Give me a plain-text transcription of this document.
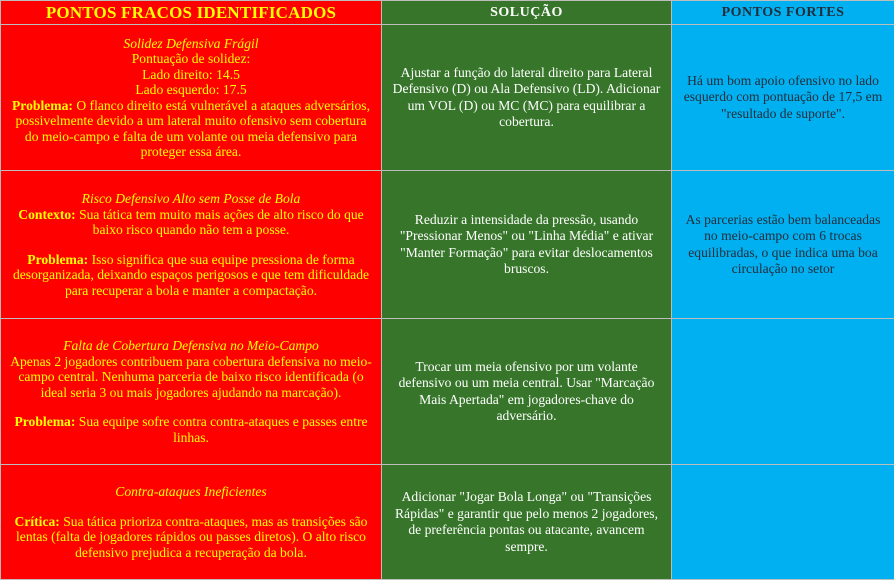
PONTOS FRACOS IDENTIFICADOS	SOLUÇÃO	PONTOS FORTES

Solidez Defensiva Frágil
Pontuação de solidez:
Lado direito: 14.5
Lado esquerdo: 17.5
Problema: O flanco direito está vulnerável a ataques adversários, possivelmente devido a um lateral muito ofensivo sem cobertura do meio-campo e falta de um volante ou meia defensivo para proteger essa área.	Ajustar a função do lateral direito para Lateral Defensivo (D) ou Ala Defensivo (LD). Adicionar um VOL (D) ou MC (MC) para equilibrar a cobertura.	Há um bom apoio ofensivo no lado esquerdo com pontuação de 17,5 em "resultado de suporte".

Risco Defensivo Alto sem Posse de Bola
Contexto: Sua tática tem muito mais ações de alto risco do que baixo risco quando não tem a posse.
Problema: Isso significa que sua equipe pressiona de forma desorganizada, deixando espaços perigosos e que tem dificuldade para recuperar a bola e manter a compactação.	Reduzir a intensidade da pressão, usando "Pressionar Menos" ou "Linha Média" e ativar "Manter Formação" para evitar deslocamentos bruscos.	As parcerias estão bem balanceadas no meio-campo com 6 trocas equilibradas, o que indica uma boa circulação no setor

Falta de Cobertura Defensiva no Meio-Campo
Apenas 2 jogadores contribuem para cobertura defensiva no meio-campo central. Nenhuma parceria de baixo risco identificada (o ideal seria 3 ou mais jogadores ajudando na marcação).
Problema: Sua equipe sofre contra contra-ataques e passes entre linhas.	Trocar um meia ofensivo por um volante defensivo ou um meia central. Usar "Marcação Mais Apertada" em jogadores-chave do adversário.	

Contra-ataques Ineficientes
Crítica: Sua tática prioriza contra-ataques, mas as transições são lentas (falta de jogadores rápidos ou passes diretos). O alto risco defensivo prejudica a recuperação da bola.	Adicionar "Jogar Bola Longa" ou "Transições Rápidas" e garantir que pelo menos 2 jogadores, de preferência pontas ou atacante, avancem sempre.	
